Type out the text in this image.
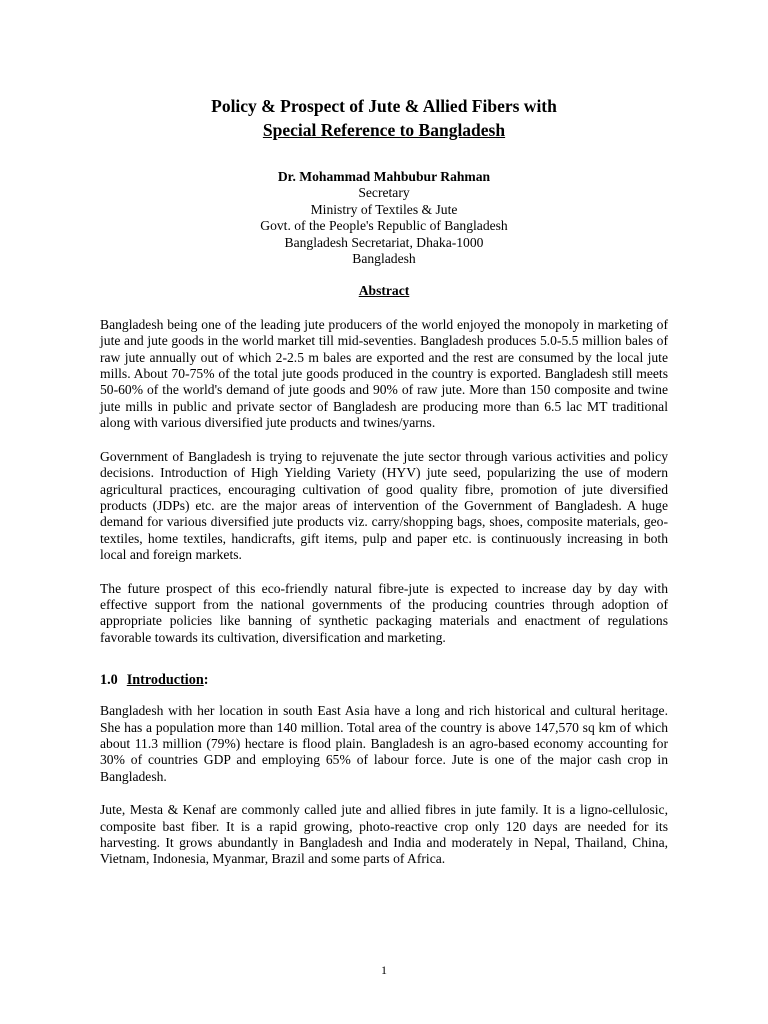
Policy & Prospect of Jute & Allied Fibers with
Special Reference to Bangladesh
Dr. Mohammad Mahbubur Rahman
Secretary
Ministry of Textiles & Jute
Govt. of the People's Republic of Bangladesh
Bangladesh Secretariat, Dhaka-1000
Bangladesh
Abstract

Bangladesh being one of the leading jute producers of the world enjoyed the monopoly in marketing of jute and jute goods in the world market till mid-seventies. Bangladesh produces 5.0-5.5 million bales of raw jute annually out of which 2-2.5 m bales are exported and the rest are consumed by the local jute mills. About 70-75% of the total jute goods produced in the country is exported. Bangladesh still meets 50-60% of the world's demand of jute goods and 90% of raw jute. More than 150 composite and twine jute mills in public and private sector of Bangladesh are producing more than 6.5 lac MT traditional along with various diversified jute products and twines/yarns.

Government of Bangladesh is trying to rejuvenate the jute sector through various activities and policy decisions. Introduction of High Yielding Variety (HYV) jute seed, popularizing the use of modern agricultural practices, encouraging cultivation of good quality fibre, promotion of jute diversified products (JDPs) etc. are the major areas of intervention of the Government of Bangladesh. A huge demand for various diversified jute products viz. carry/shopping bags, shoes, composite materials, geo-textiles, home textiles, handicrafts, gift items, pulp and paper etc. is continuously increasing in both local and foreign markets.

The future prospect of this eco-friendly natural fibre-jute is expected to increase day by day with effective support from the national governments of the producing countries through adoption of appropriate policies like banning of synthetic packaging materials and enactment of regulations favorable towards its cultivation, diversification and marketing.

1.0 Introduction:

Bangladesh with her location in south East Asia have a long and rich historical and cultural heritage. She has a population more than 140 million. Total area of the country is above 147,570 sq km of which about 11.3 million (79%) hectare is flood plain. Bangladesh is an agro-based economy accounting for 30% of countries GDP and employing 65% of labour force. Jute is one of the major cash crop in Bangladesh.

Jute, Mesta & Kenaf are commonly called jute and allied fibres in jute family. It is a ligno-cellulosic, composite bast fiber. It is a rapid growing, photo-reactive crop only 120 days are needed for its harvesting. It grows abundantly in Bangladesh and India and moderately in Nepal, Thailand, China, Vietnam, Indonesia, Myanmar, Brazil and some parts of Africa.

1
